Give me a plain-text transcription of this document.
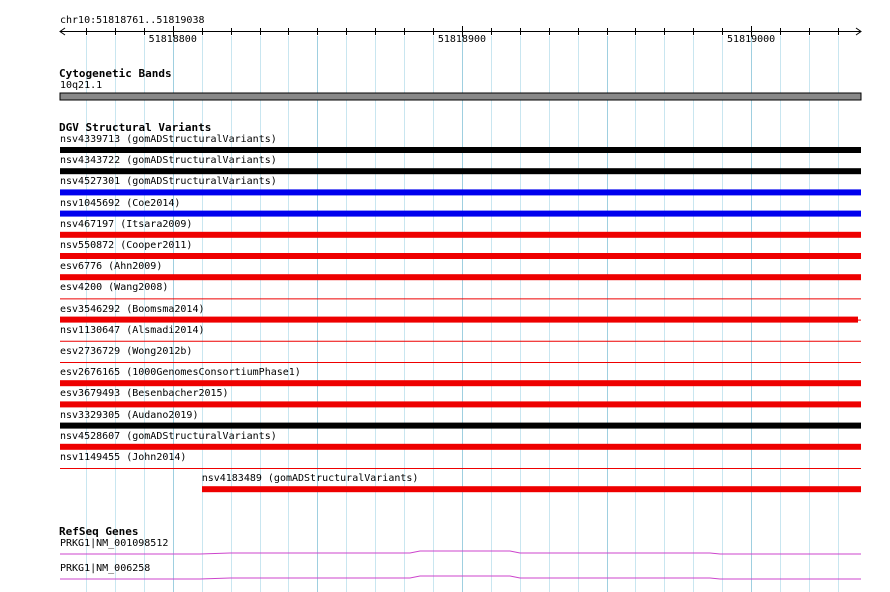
chr10:51818761..51819038
51818800	51818900	51819000
Cytogenetic Bands
10q21.1
DGV Structural Variants
nsv4339713 (gomADStructuralVariants)
nsv4343722 (gomADStructuralVariants)
nsv4527301 (gomADStructuralVariants)
nsv1045692 (Coe2014)
nsv467197 (Itsara2009)
nsv550872 (Cooper2011)
esv6776 (Ahn2009)
esv4200 (Wang2008)
esv3546292 (Boomsma2014)
nsv1130647 (Alsmadi2014)
esv2736729 (Wong2012b)
esv2676165 (1000GenomesConsortiumPhase1)
esv3679493 (Besenbacher2015)
nsv3329305 (Audano2019)
nsv4528607 (gomADStructuralVariants)
nsv1149455 (John2014)
nsv4183489 (gomADStructuralVariants)
RefSeq Genes
PRKG1|NM_001098512
PRKG1|NM_006258
